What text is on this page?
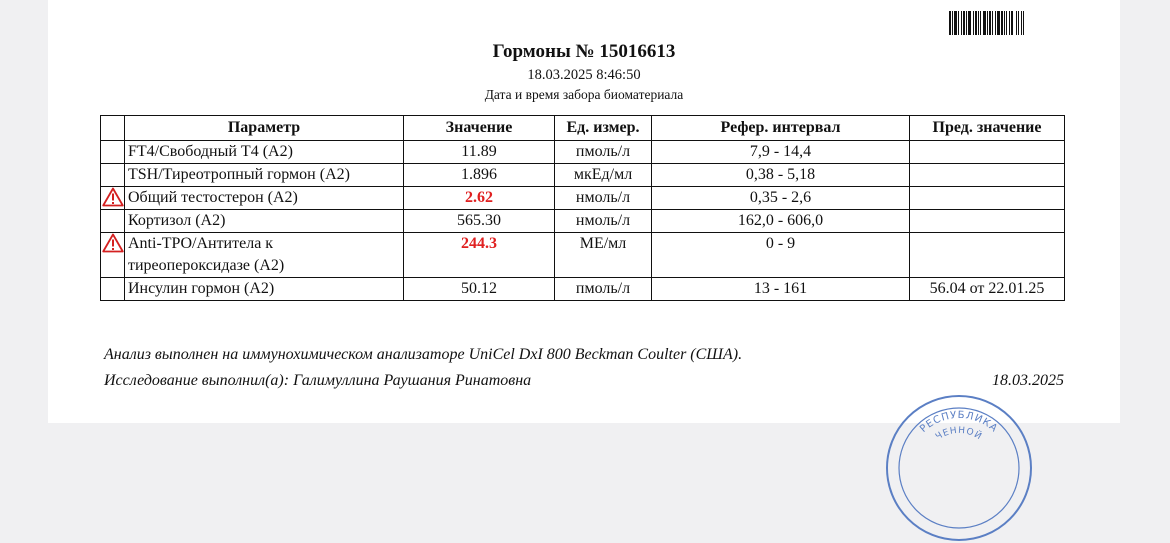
Гормоны № 15016613
18.03.2025 8:46:50
Дата и время забора биоматериала
	Параметр	Значение	Ед. измер.	Рефер. интервал	Пред. значение
	FT4/Свободный Т4 (А2)	11.89	пмоль/л	7,9 - 14,4	
	TSH/Тиреотропный гормон (А2)	1.896	мкЕд/мл	0,38 - 5,18	

	Общий тестостерон (А2)	2.62	нмоль/л	0,35 - 2,6	
	Кортизол (А2)	565.30	нмоль/л	162,0 - 606,0	

	Anti-TPO/Антитела к тиреопероксидазе (А2)	244.3	МЕ/мл	0 - 9	
	Инсулин гормон (А2)	50.12	пмоль/л	13 - 161	56.04 от 22.01.25
Анализ выполнен на иммунохимическом анализаторе UniCel DxI 800 Beckman Coulter (США).
Исследование выполнил(а): Галимуллина Раушания Ринатовна	18.03.2025
РЕСПУБЛИКА
ЧЕННОЙ
